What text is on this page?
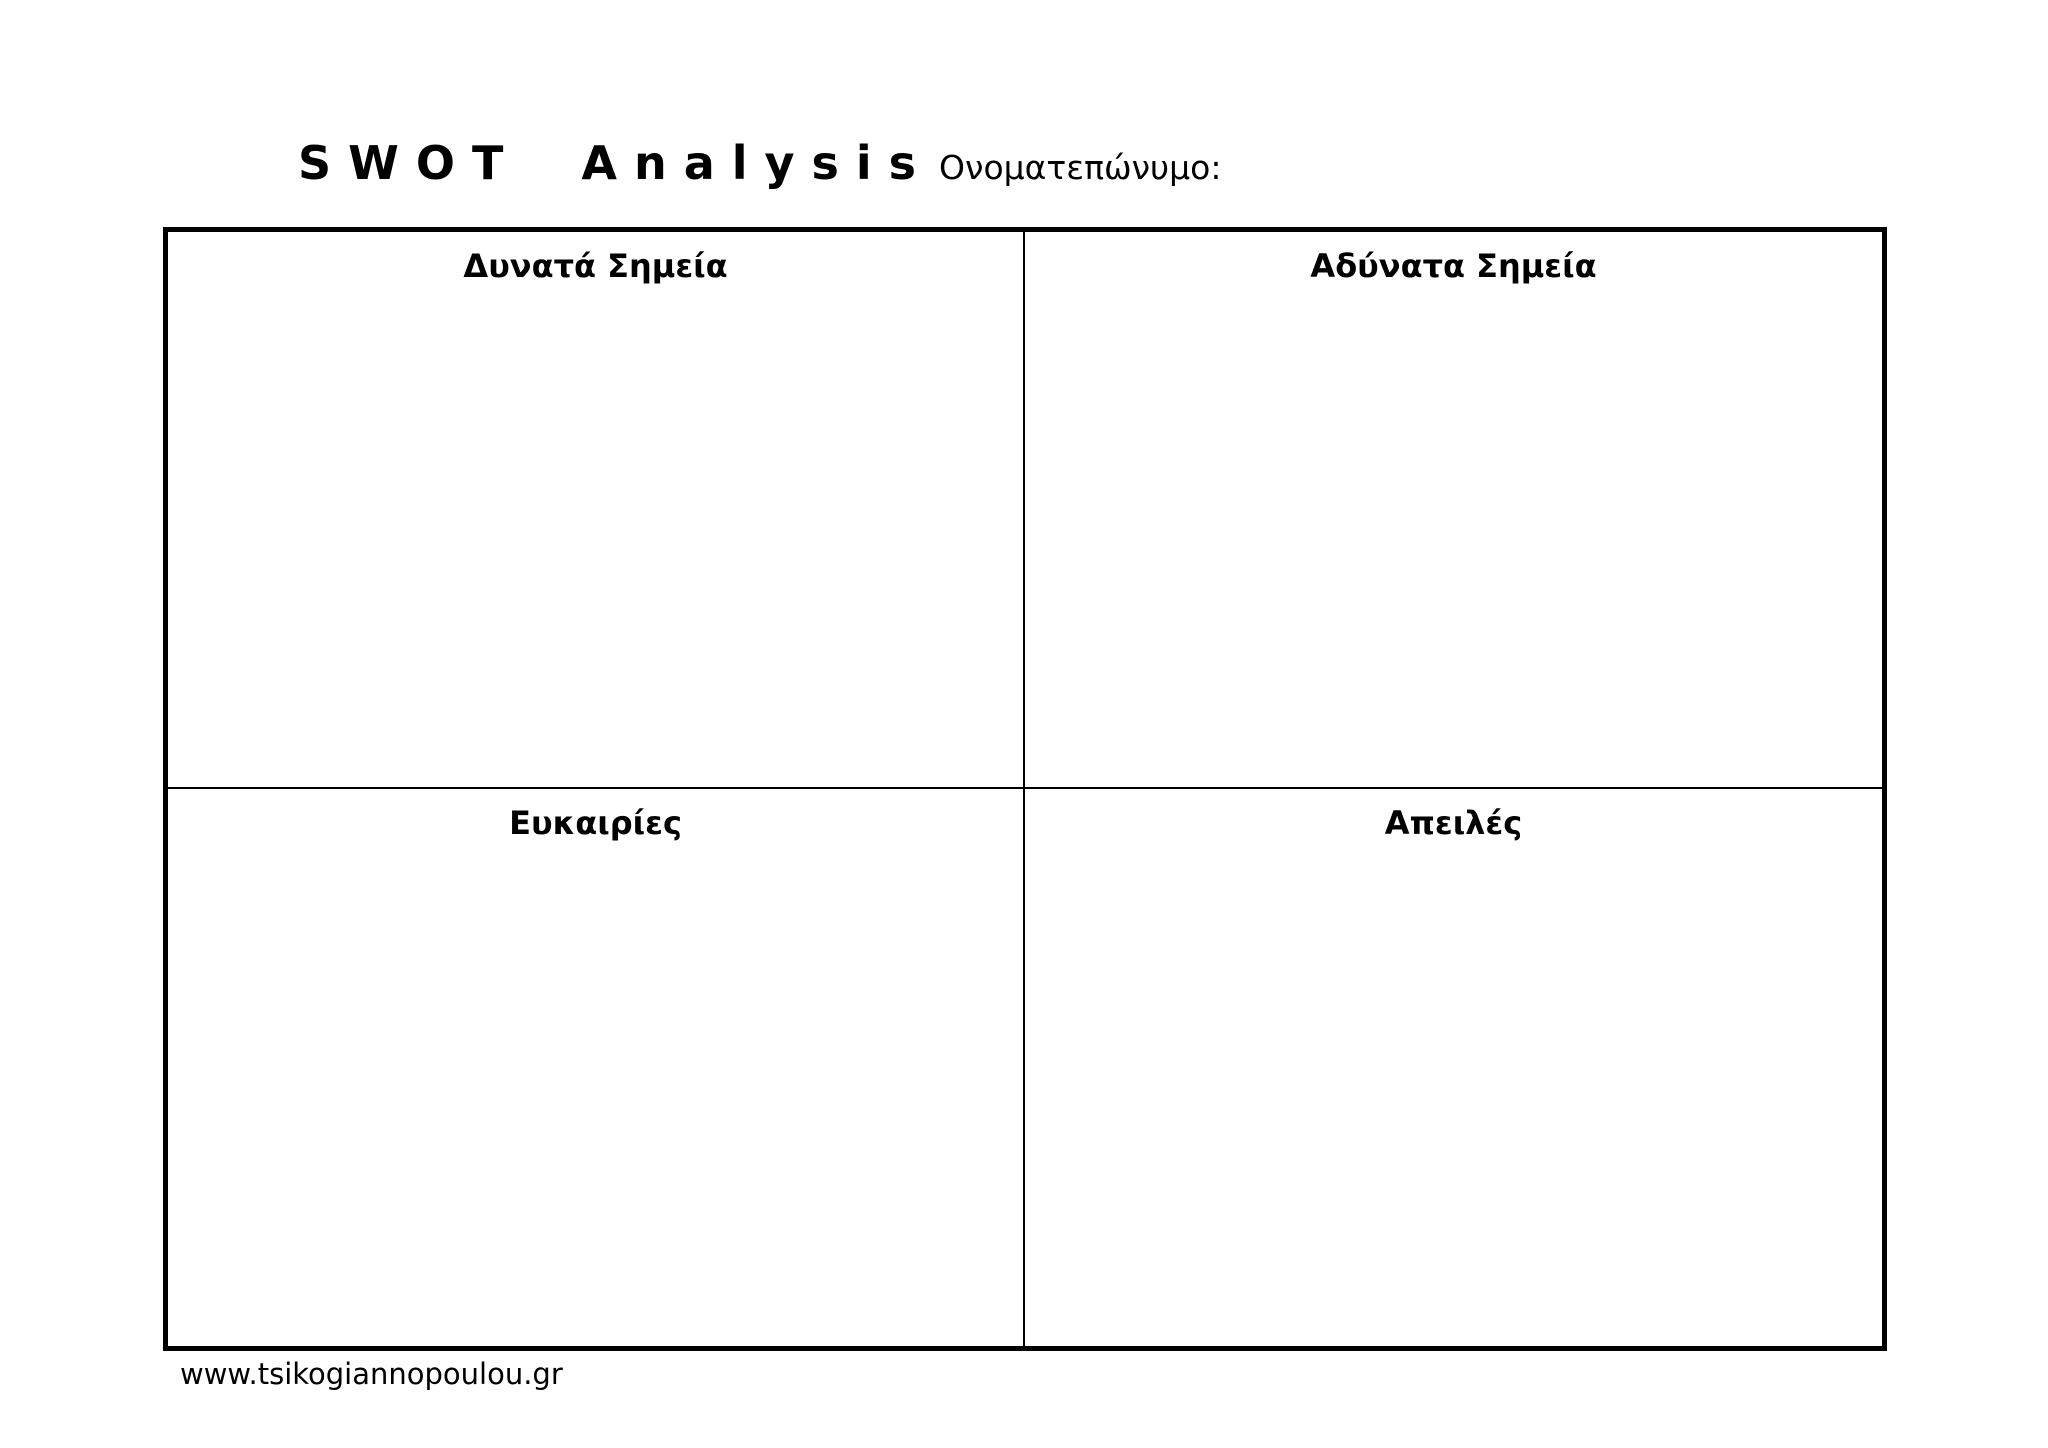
SWOT Analysis Ονοματεπώνυμο:
Δυνατά Σημεία	Αδύνατα Σημεία
Ευκαιρίες	Απειλές
www.tsikogiannopoulou.gr
